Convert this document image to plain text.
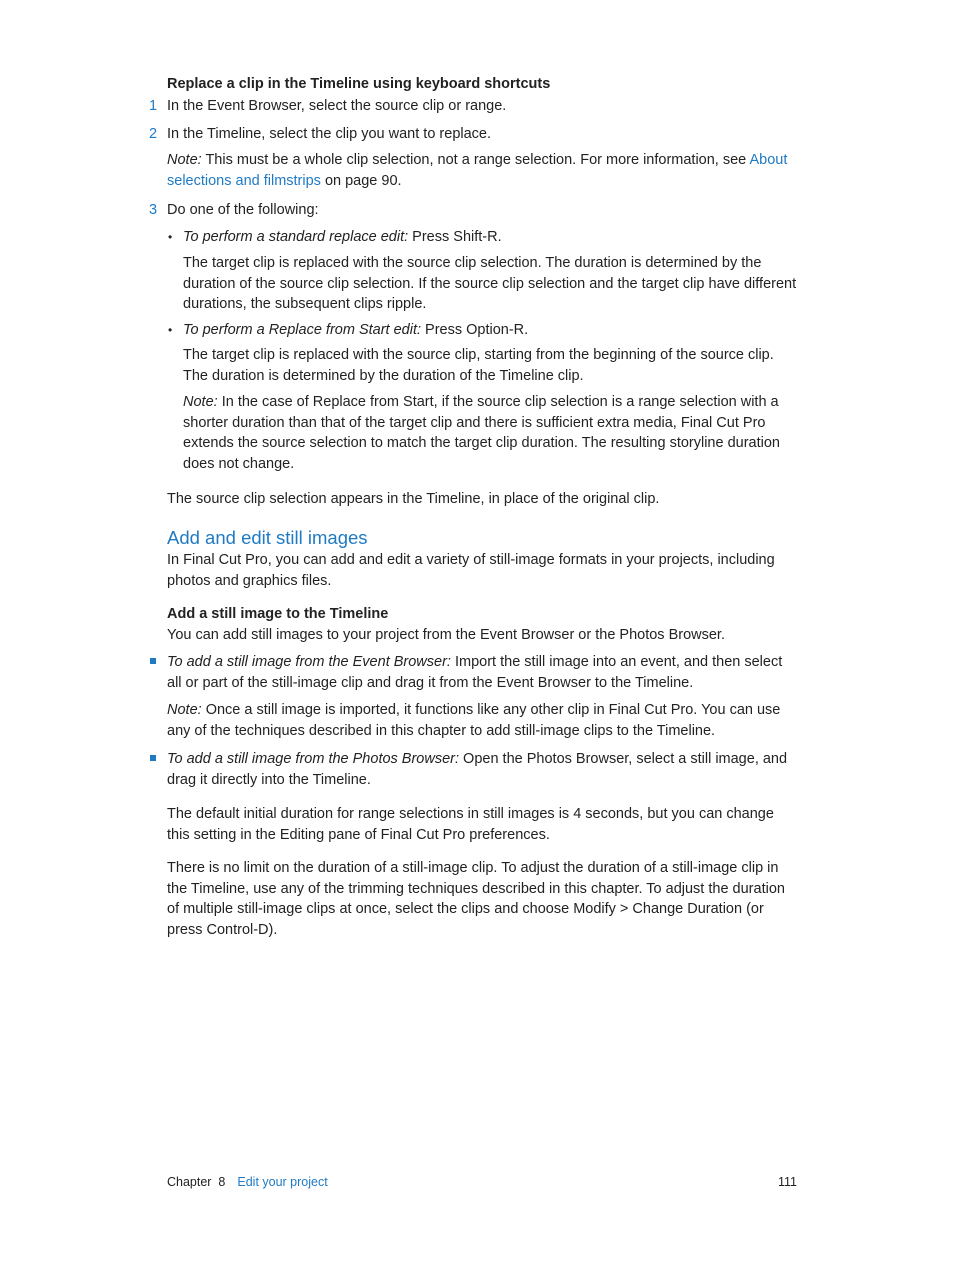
Replace a clip in the Timeline using keyboard shortcuts
1 In the Event Browser, select the source clip or range.
2 In the Timeline, select the clip you want to replace.
Note: This must be a whole clip selection, not a range selection. For more information, see About selections and filmstrips on page 90.
3 Do one of the following:
• To perform a standard replace edit: Press Shift-R.
The target clip is replaced with the source clip selection. The duration is determined by the duration of the source clip selection. If the source clip selection and the target clip have different durations, the subsequent clips ripple.
• To perform a Replace from Start edit: Press Option-R.
The target clip is replaced with the source clip, starting from the beginning of the source clip. The duration is determined by the duration of the Timeline clip.
Note: In the case of Replace from Start, if the source clip selection is a range selection with a shorter duration than that of the target clip and there is sufficient extra media, Final Cut Pro extends the source selection to match the target clip duration. The resulting storyline duration does not change.
The source clip selection appears in the Timeline, in place of the original clip.
Add and edit still images
In Final Cut Pro, you can add and edit a variety of still-image formats in your projects, including photos and graphics files.
Add a still image to the Timeline
You can add still images to your project from the Event Browser or the Photos Browser.
To add a still image from the Event Browser: Import the still image into an event, and then select all or part of the still-image clip and drag it from the Event Browser to the Timeline.
Note: Once a still image is imported, it functions like any other clip in Final Cut Pro. You can use any of the techniques described in this chapter to add still-image clips to the Timeline.
To add a still image from the Photos Browser: Open the Photos Browser, select a still image, and drag it directly into the Timeline.
The default initial duration for range selections in still images is 4 seconds, but you can change this setting in the Editing pane of Final Cut Pro preferences.
There is no limit on the duration of a still-image clip. To adjust the duration of a still-image clip in the Timeline, use any of the trimming techniques described in this chapter. To adjust the duration of multiple still-image clips at once, select the clips and choose Modify > Change Duration (or press Control-D).
Chapter  8 Edit your project	111
